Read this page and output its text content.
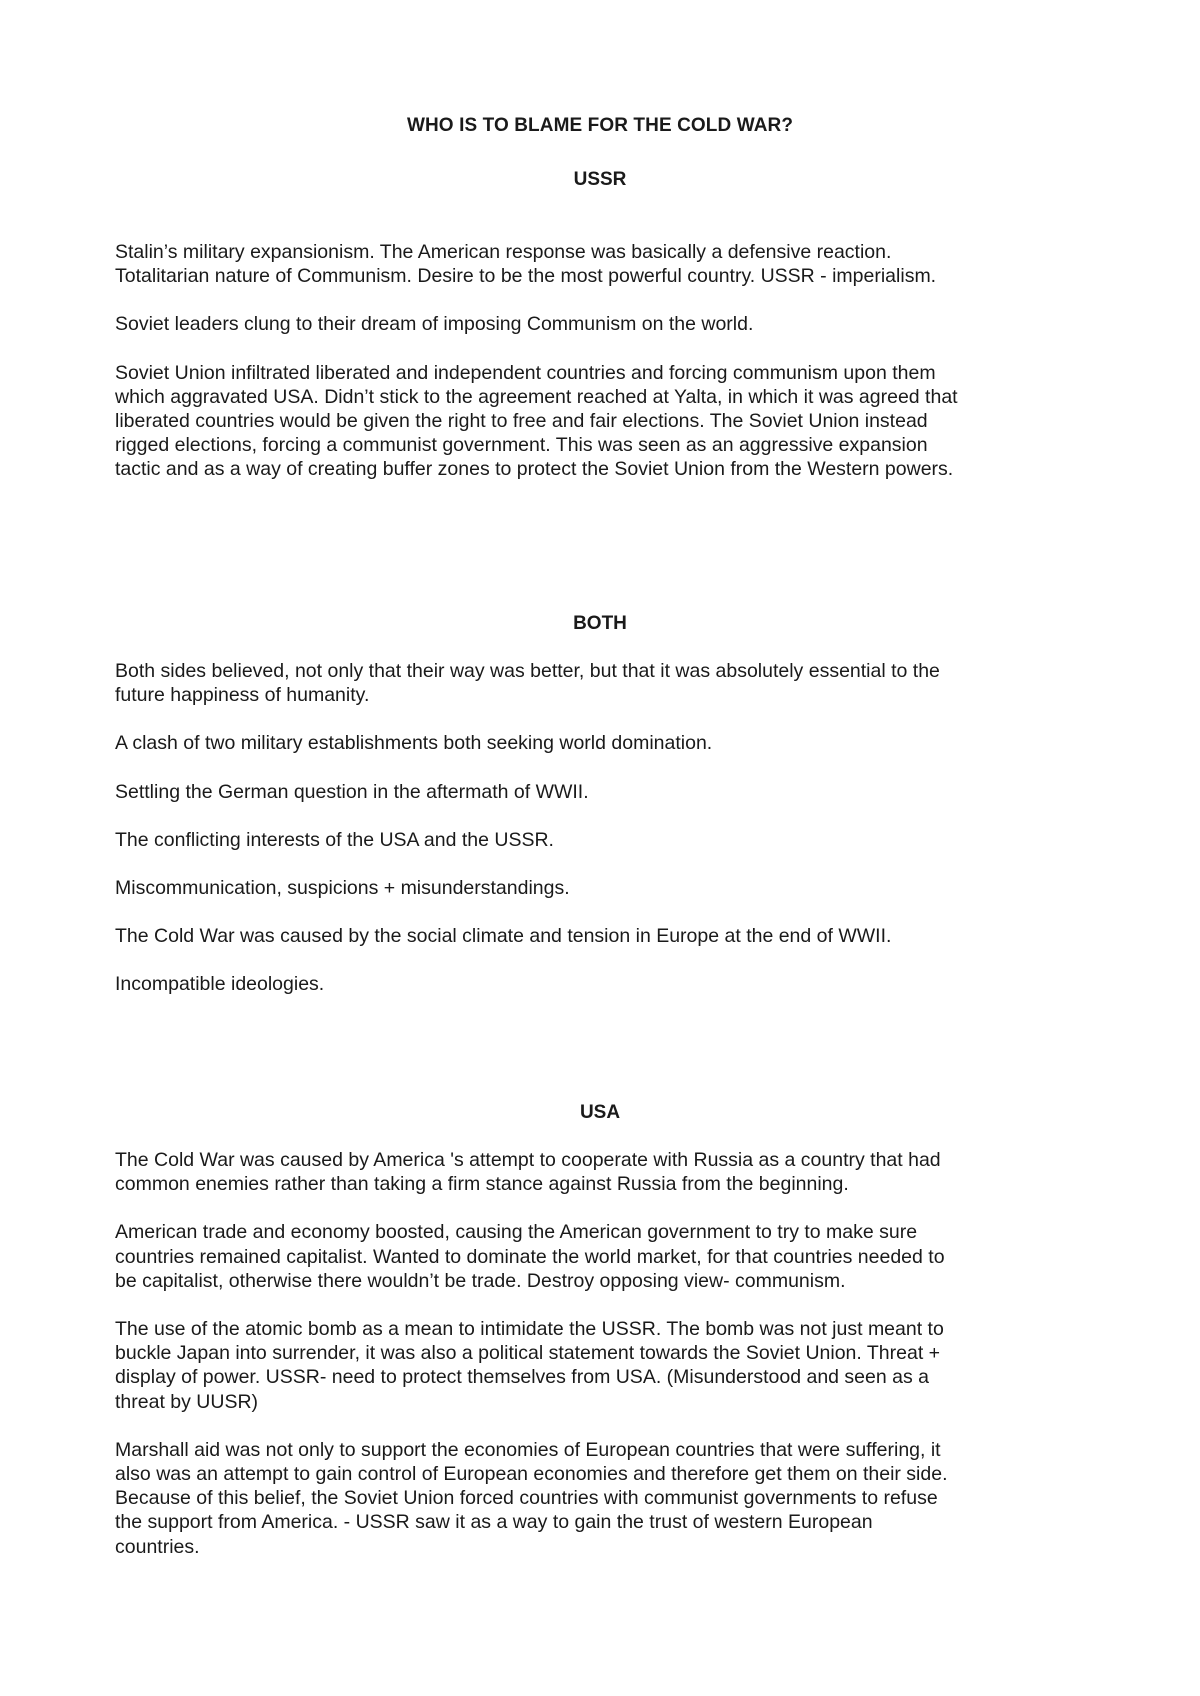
WHO IS TO BLAME FOR THE COLD WAR?
USSR

Stalin’s military expansionism. The American response was basically a defensive reaction.
Totalitarian nature of Communism. Desire to be the most powerful country. USSR - imperialism.

Soviet leaders clung to their dream of imposing Communism on the world.

Soviet Union infiltrated liberated and independent countries and forcing communism upon them
which aggravated USA. Didn’t stick to the agreement reached at Yalta, in which it was agreed that
liberated countries would be given the right to free and fair elections. The Soviet Union instead
rigged elections, forcing a communist government. This was seen as an aggressive expansion
tactic and as a way of creating buffer zones to protect the Soviet Union from the Western powers.

BOTH

Both sides believed, not only that their way was better, but that it was absolutely essential to the
future happiness of humanity.

A clash of two military establishments both seeking world domination.

Settling the German question in the aftermath of WWII.

The conflicting interests of the USA and the USSR.

Miscommunication, suspicions + misunderstandings.

The Cold War was caused by the social climate and tension in Europe at the end of WWII.

Incompatible ideologies.

USA

The Cold War was caused by America 's attempt to cooperate with Russia as a country that had
common enemies rather than taking a firm stance against Russia from the beginning.

American trade and economy boosted, causing the American government to try to make sure
countries remained capitalist. Wanted to dominate the world market, for that countries needed to
be capitalist, otherwise there wouldn’t be trade. Destroy opposing view- communism.

The use of the atomic bomb as a mean to intimidate the USSR. The bomb was not just meant to
buckle Japan into surrender, it was also a political statement towards the Soviet Union. Threat +
display of power. USSR- need to protect themselves from USA. (Misunderstood and seen as a
threat by UUSR)

Marshall aid was not only to support the economies of European countries that were suffering, it
also was an attempt to gain control of European economies and therefore get them on their side.
Because of this belief, the Soviet Union forced countries with communist governments to refuse
the support from America. - USSR saw it as a way to gain the trust of western European
countries.
